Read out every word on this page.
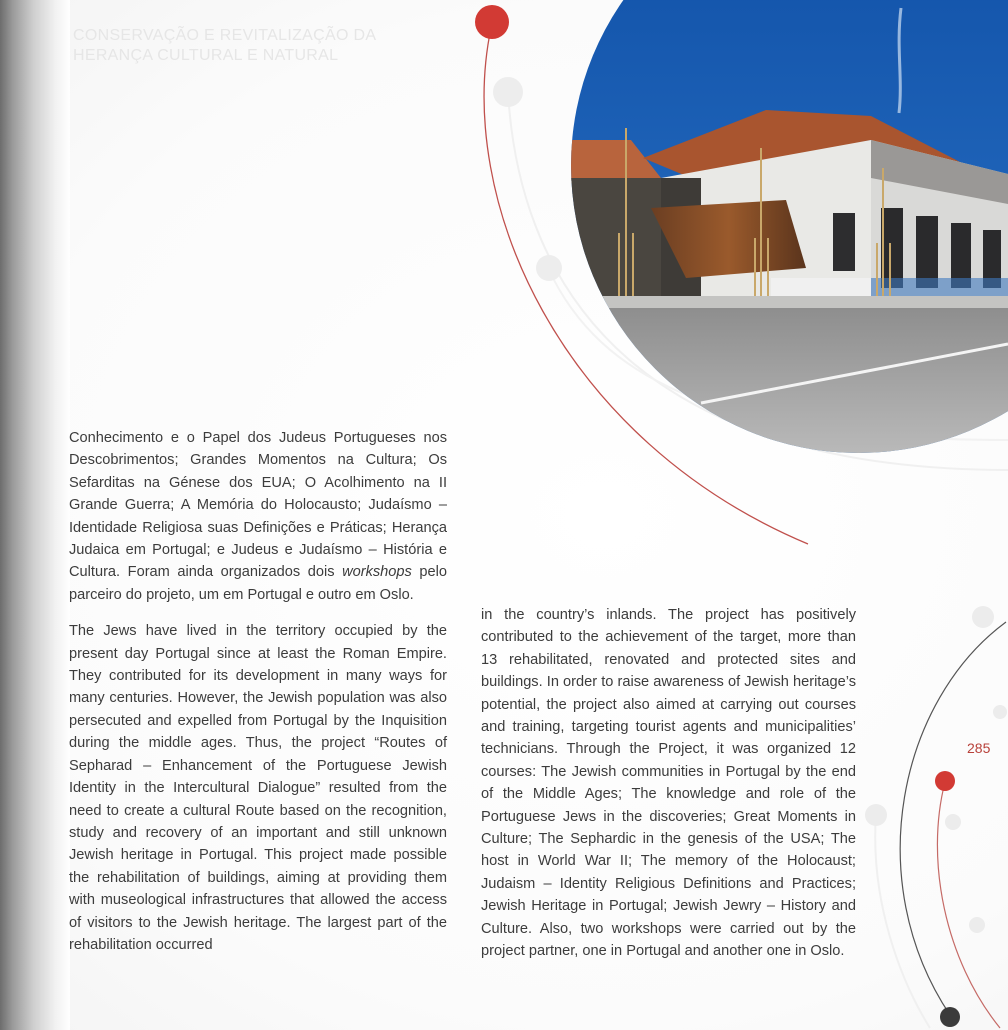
CONSERVAÇÃO E REVITALIZAÇÃO DA
HERANÇA CULTURAL E NATURAL

Conhecimento e o Papel dos Judeus Portugueses nos Descobrimentos; Grandes Momentos na Cultura; Os Sefarditas na Génese dos EUA; O Acolhimento na II Grande Guerra; A Memória do Holocausto; Judaísmo – Identidade Religiosa suas Definições e Práticas; Herança Judaica em Portugal; e Judeus e Judaísmo – História e Cultura. Foram ainda organizados dois workshops pelo parceiro do projeto, um em Portugal e outro em Oslo.

The Jews have lived in the territory occupied by the present day Portugal since at least the Roman Empire. They contributed for its development in many ways for many centuries. However, the Jewish population was also persecuted and expelled from Portugal by the Inquisition during the middle ages. Thus, the project “Routes of Sepharad – Enhancement of the Portuguese Jewish Identity in the Intercultural Dialogue” resulted from the need to create a cultural Route based on the recognition, study and recovery of an important and still unknown Jewish heritage in Portugal. This project made possible the rehabilitation of buildings, aiming at providing them with museological infrastructures that allowed the access of visitors to the Jewish heritage. The largest part of the rehabilitation occurred

in the country’s inlands. The project has positively contributed to the achievement of the target, more than 13 rehabilitated, renovated and protected sites and buildings. In order to raise awareness of Jewish heritage’s potential, the project also aimed at carrying out courses and training, targeting tourist agents and municipalities’ technicians. Through the Project, it was organized 12 courses: The Jewish communities in Portugal by the end of the Middle Ages; The knowledge and role of the Portuguese Jews in the discoveries; Great Moments in Culture; The Sephardic in the genesis of the USA; The host in World War II; The memory of the Holocaust; Judaism – Identity Religious Definitions and Practices; Jewish Heritage in Portugal; Jewish Jewry – History and Culture. Also, two workshops were carried out by the project partner, one in Portugal and another one in Oslo.

285
